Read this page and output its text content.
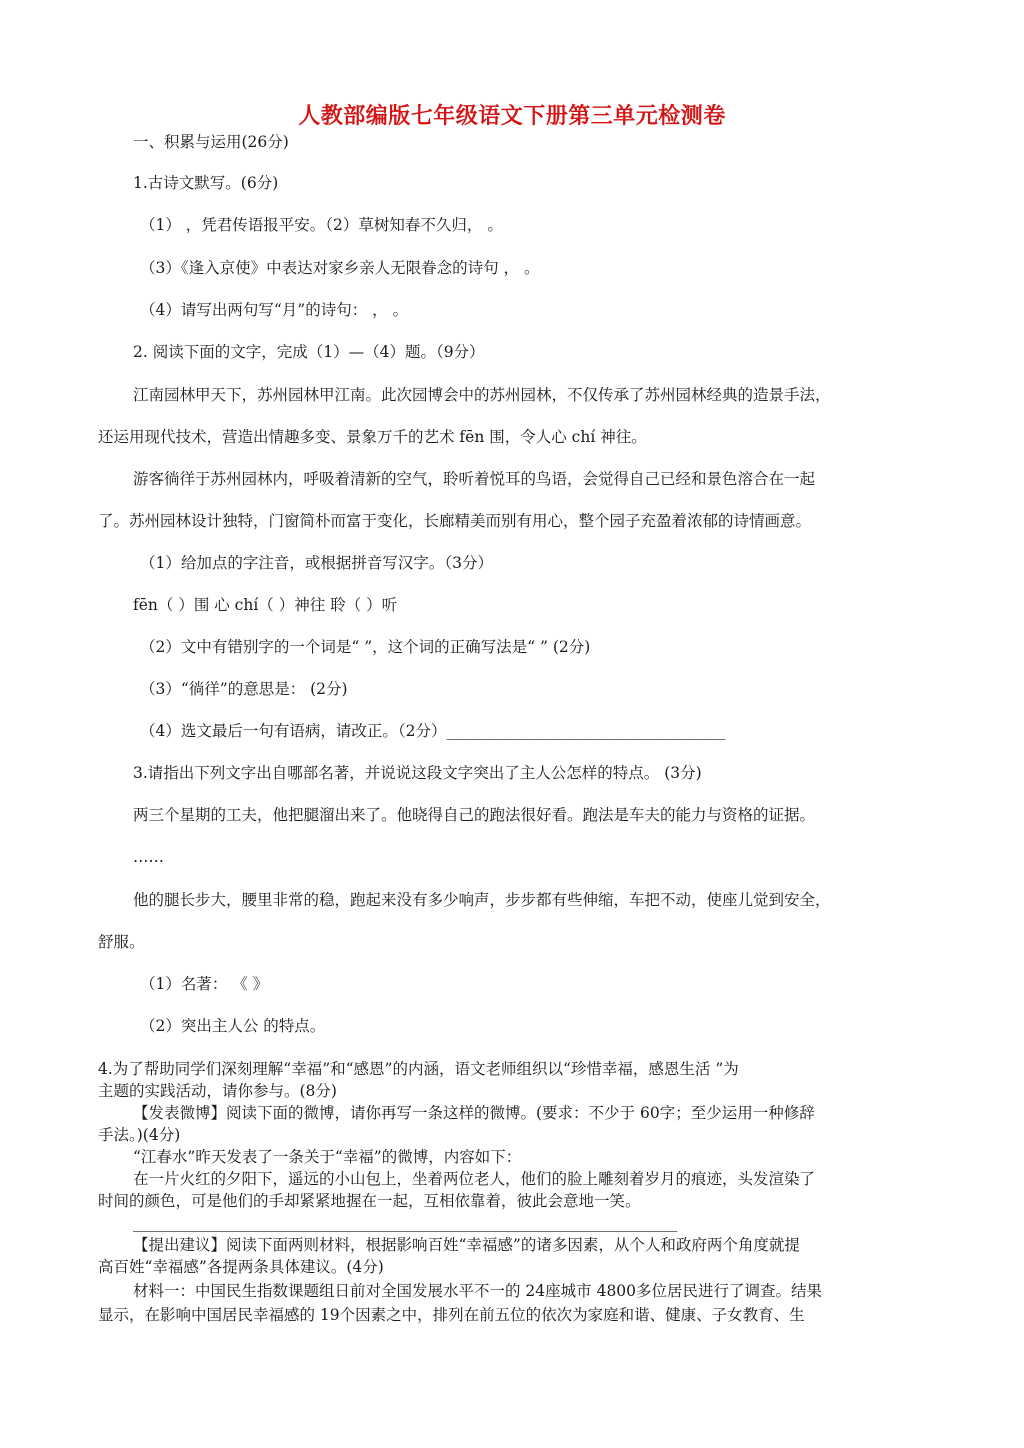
人教部编版七年级语文下册第三单元检测卷
一、积累与运用(26分)
1.古诗文默写。(6分)
（1） ，凭君传语报平安。（2）草树知春不久归， 。
（3）《逢入京使》中表达对家乡亲人无限眷念的诗句 ， 。
（4）请写出两句写“月”的诗句： ， 。
2. 阅读下面的文字，完成（1）—（4）题。（9分）
江南园林甲天下，苏州园林甲江南。此次园博会中的苏州园林，不仅传承了苏州园林经典的造景手法，
还运用现代技术，营造出情趣多变、景象万千的艺术 fēn 围，令人心 chí 神往。
游客徜徉于苏州园林内，呼吸着清新的空气，聆听着悦耳的鸟语，会觉得自己已经和景色溶合在一起
了。苏州园林设计独特，门窗简朴而富于变化，长廊精美而别有用心，整个园子充盈着浓郁的诗情画意。
（1）给加点的字注音，或根据拼音写汉字。（3分）
fēn（ ）围 心 chí（ ）神往 聆（ ）听
（2）文中有错别字的一个词是“ ”，这个词的正确写法是“ ” (2分)
（3）“徜徉”的意思是： (2分)
（4）选文最后一句有语病，请改正。（2分）____________________________________
3.请指出下列文字出自哪部名著，并说说这段文字突出了主人公怎样的特点。 (3分)
两三个星期的工夫，他把腿溜出来了。他晓得自己的跑法很好看。跑法是车夫的能力与资格的证据。
……
他的腿长步大，腰里非常的稳，跑起来没有多少响声，步步都有些伸缩，车把不动，使座儿觉到安全，
舒服。
（1）名著： 《 》
（2）突出主人公 的特点。
4.为了帮助同学们深刻理解“幸福”和“感恩”的内涵，语文老师组织以“珍惜幸福，感恩生活 ”为
主题的实践活动，请你参与。(8分)
【发表微博】阅读下面的微博，请你再写一条这样的微博。(要求：不少于 60字；至少运用一种修辞
手法。)(4分)
“江春水”昨天发表了一条关于“幸福”的微博，内容如下：
在一片火红的夕阳下，遥远的小山包上，坐着两位老人，他们的脸上雕刻着岁月的痕迹，头发渲染了
时间的颜色，可是他们的手却紧紧地握在一起，互相依靠着，彼此会意地一笑。
___________________________________________________________________________
【提出建议】阅读下面两则材料，根据影响百姓“幸福感”的诸多因素，从个人和政府两个角度就提
高百姓“幸福感”各提两条具体建议。(4分)
材料一：中国民生指数课题组日前对全国发展水平不一的 24座城市 4800多位居民进行了调查。结果
显示，在影响中国居民幸福感的 19个因素之中，排列在前五位的依次为家庭和谐、健康、子女教育、生
